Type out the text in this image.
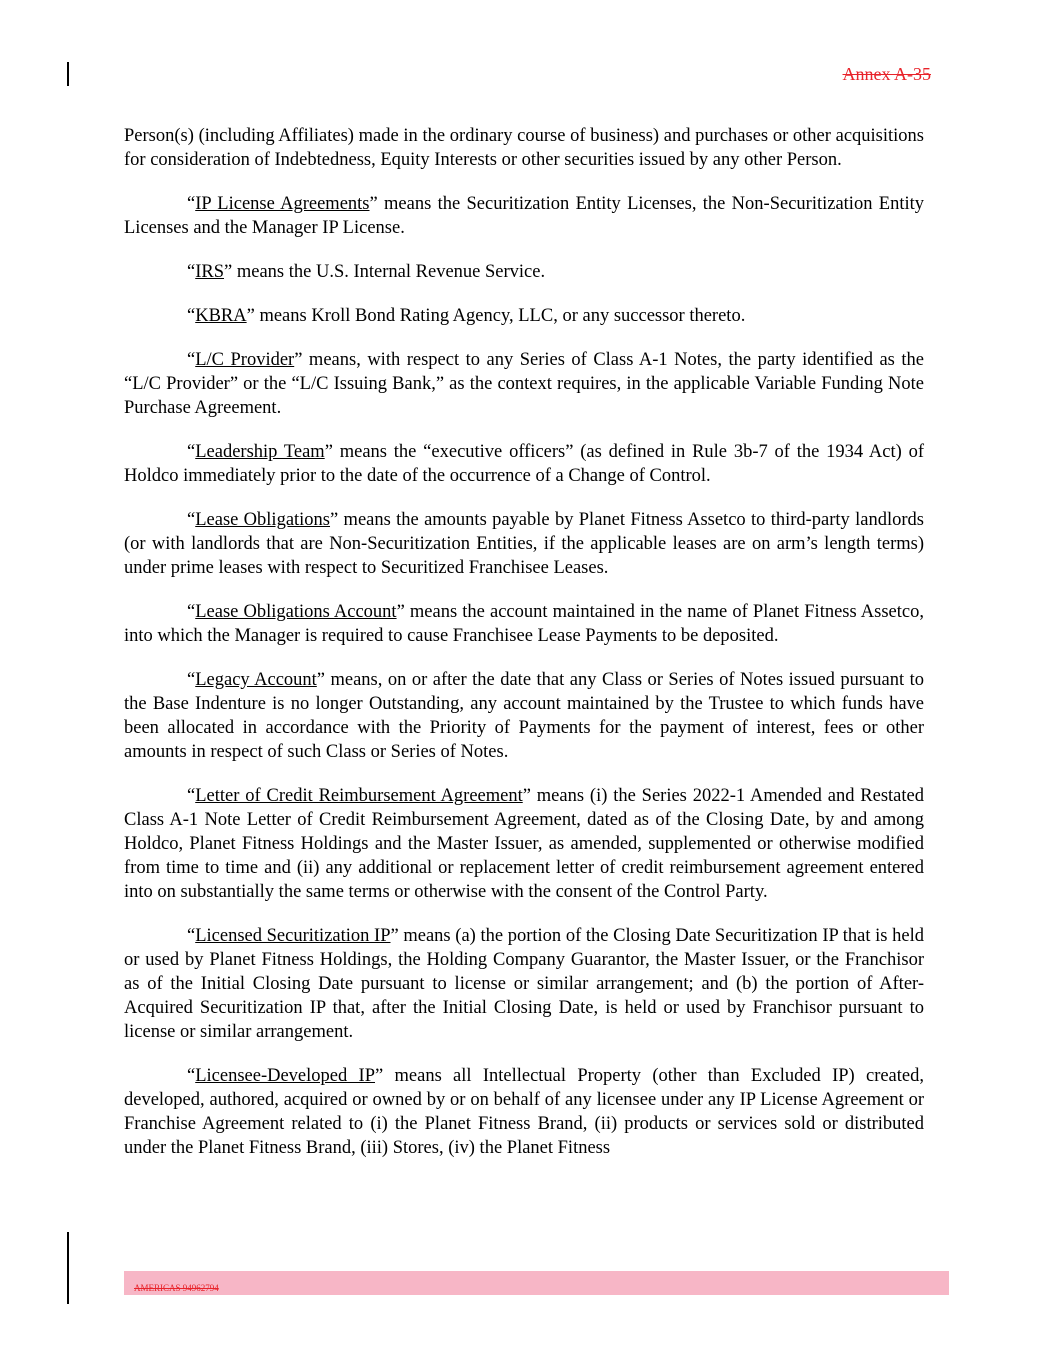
Annex A-35

Person(s) (including Affiliates) made in the ordinary course of business) and purchases or other acquisitions for consideration of Indebtedness, Equity Interests or other securities issued by any other Person.

“IP License Agreements” means the Securitization Entity Licenses, the Non-Securitization Entity Licenses and the Manager IP License.

“IRS” means the U.S. Internal Revenue Service.

“KBRA” means Kroll Bond Rating Agency, LLC, or any successor thereto.

“L/C Provider” means, with respect to any Series of Class A-1 Notes, the party identified as the “L/C Provider” or the “L/C Issuing Bank,” as the context requires, in the applicable Variable Funding Note Purchase Agreement.

“Leadership Team” means the “executive officers” (as defined in Rule 3b-7 of the 1934 Act) of Holdco immediately prior to the date of the occurrence of a Change of Control.

“Lease Obligations” means the amounts payable by Planet Fitness Assetco to third-party landlords (or with landlords that are Non-Securitization Entities, if the applicable leases are on arm’s length terms) under prime leases with respect to Securitized Franchisee Leases.

“Lease Obligations Account” means the account maintained in the name of Planet Fitness Assetco, into which the Manager is required to cause Franchisee Lease Payments to be deposited.

“Legacy Account” means, on or after the date that any Class or Series of Notes issued pursuant to the Base Indenture is no longer Outstanding, any account maintained by the Trustee to which funds have been allocated in accordance with the Priority of Payments for the payment of interest, fees or other amounts in respect of such Class or Series of Notes.

“Letter of Credit Reimbursement Agreement” means (i) the Series 2022-1 Amended and Restated Class A-1 Note Letter of Credit Reimbursement Agreement, dated as of the Closing Date, by and among Holdco, Planet Fitness Holdings and the Master Issuer, as amended, supplemented or otherwise modified from time to time and (ii) any additional or replacement letter of credit reimbursement agreement entered into on substantially the same terms or otherwise with the consent of the Control Party.

“Licensed Securitization IP” means (a) the portion of the Closing Date Securitization IP that is held or used by Planet Fitness Holdings, the Holding Company Guarantor, the Master Issuer, or the Franchisor as of the Initial Closing Date pursuant to license or similar arrangement; and (b) the portion of After-Acquired Securitization IP that, after the Initial Closing Date, is held or used by Franchisor pursuant to license or similar arrangement.

“Licensee-Developed IP” means all Intellectual Property (other than Excluded IP) created, developed, authored, acquired or owned by or on behalf of any licensee under any IP License Agreement or Franchise Agreement related to (i) the Planet Fitness Brand, (ii) products or services sold or distributed under the Planet Fitness Brand, (iii) Stores, (iv) the Planet Fitness

AMERICAS 94962794
